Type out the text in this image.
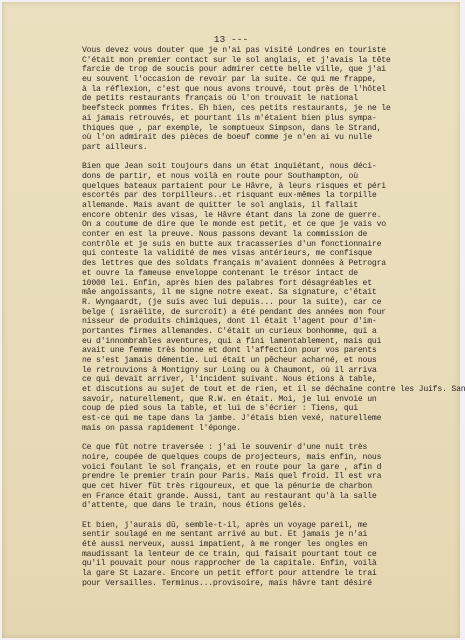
13 ---
Vous devez vous douter que je n'ai pas visité Londres en touriste
C'était mon premier contact sur le sol anglais, et j'avais la tête
farcie de trop de soucis pour admirer cette belle ville, que j'ai
eu souvent l'occasion de revoir par la suite. Ce qui me frappe,
à la réflexion, c'est que nous avons trouvé, tout près de l'hôtel
de petits restaurants français où l'on trouvait le national
beefsteck pommes frites. Eh bien, ces petits restaurants, je ne le
ai jamais retrouvés, et pourtant ils m'étaient bien plus sympa-
thiques que , par exemple, le somptueux Simpson, dans le Strand,
où l'on admirait des pièces de boeuf comme je n'en ai vu nulle
part ailleurs.
Bien que Jean soit toujours dans un état inquiétant, nous déci-
dons de partir, et nous voilà en route pour Southampton, où
quelques bateaux partaient pour Le Hâvre, à leurs risques et péri
escortés par des torpilleurs..et risquant eux-mêmes la torpille
allemande. Mais avant de quitter le sol anglais, il fallait
encore obtenir des visas, le Hâvre étant dans la zone de guerre.
On a coutume de dire que le monde est petit, et ce que je vais vo
conter en est la preuve. Nous passons devant la commission de
contrôle et je suis en butte aux tracasseries d'un fonctionnaire
qui conteste la validité de mes visas antérieurs, me confisque
des lettres que des soldats français m'avaient données à Petrogra
et ouvre la fameuse enveloppe contenant le trésor intact de
10000 lei. Enfin, après bien des palabres fort désagréables et
mâe angoissants, il me signe notre exeat. Sa signature, c'était
R. Wyngaardt, (je suis avec lui depuis... pour la suite), car ce
belge ( israëlite, de surcroît) a été pendant des années mon four
nisseur de produits chimiques, dont il était l'agent pour d'im-
portantes firmes allemandes. C'était un curieux bonhomme, qui a
eu d'innombrables aventures, qui a fini lamentablement, mais qui
avait une femme très bonne et dont l'affection pour vos parents
ne s'est jamais démentie. Lui était un pêcheur acharné, et nous
le retrouvions à Montigny sur Loing ou à Chaumont, où il arriva
ce qui devait arriver, l'incident suivant. Nous étions à table,
et discutions au sujet de tout et de rien, et il se déchaîne contre les Juifs. San
savoir, naturellement, que R.W. en était. Moi, je lui envoie un
coup de pied sous la table, et lui de s'écrier : Tiens, qui
est-ce qui me tape dans la jambe. J'étais bien vexé, naturelleme
mais on passa rapidement l'éponge.
Ce que fût notre traversée : j'ai le souvenir d'une nuit très
noire, coupée de quelques coups de projecteurs, mais enfin, nous
voici foulant le sol français, et en route pour la gare , afin d
prendre le premier train pour Paris. Mais quel froid. Il est vra
que cet hiver fût très rigoureux, et que la pénurie de charbon
en France était grande. Aussi, tant au restaurant qu'à la salle
d'attente, que dans le train, nous étions gelés.
Et bien, j'aurais dû, semble-t-il, après un voyage pareil, me
sentir soulagé en me sentant arrivé au but. Et jamais je n'ai
été aussi nerveux, aussi impatient, à me ronger les ongles en
maudissant la lenteur de ce train, qui faisait pourtant tout ce
qu'il pouvait pour nous rapprocher de la capitale. Enfin, voilà
la gare St Lazare. Encore un petit effort pour attendre le trai
pour Versailles. Terminus...provisoire, mais hâvre tant désiré
